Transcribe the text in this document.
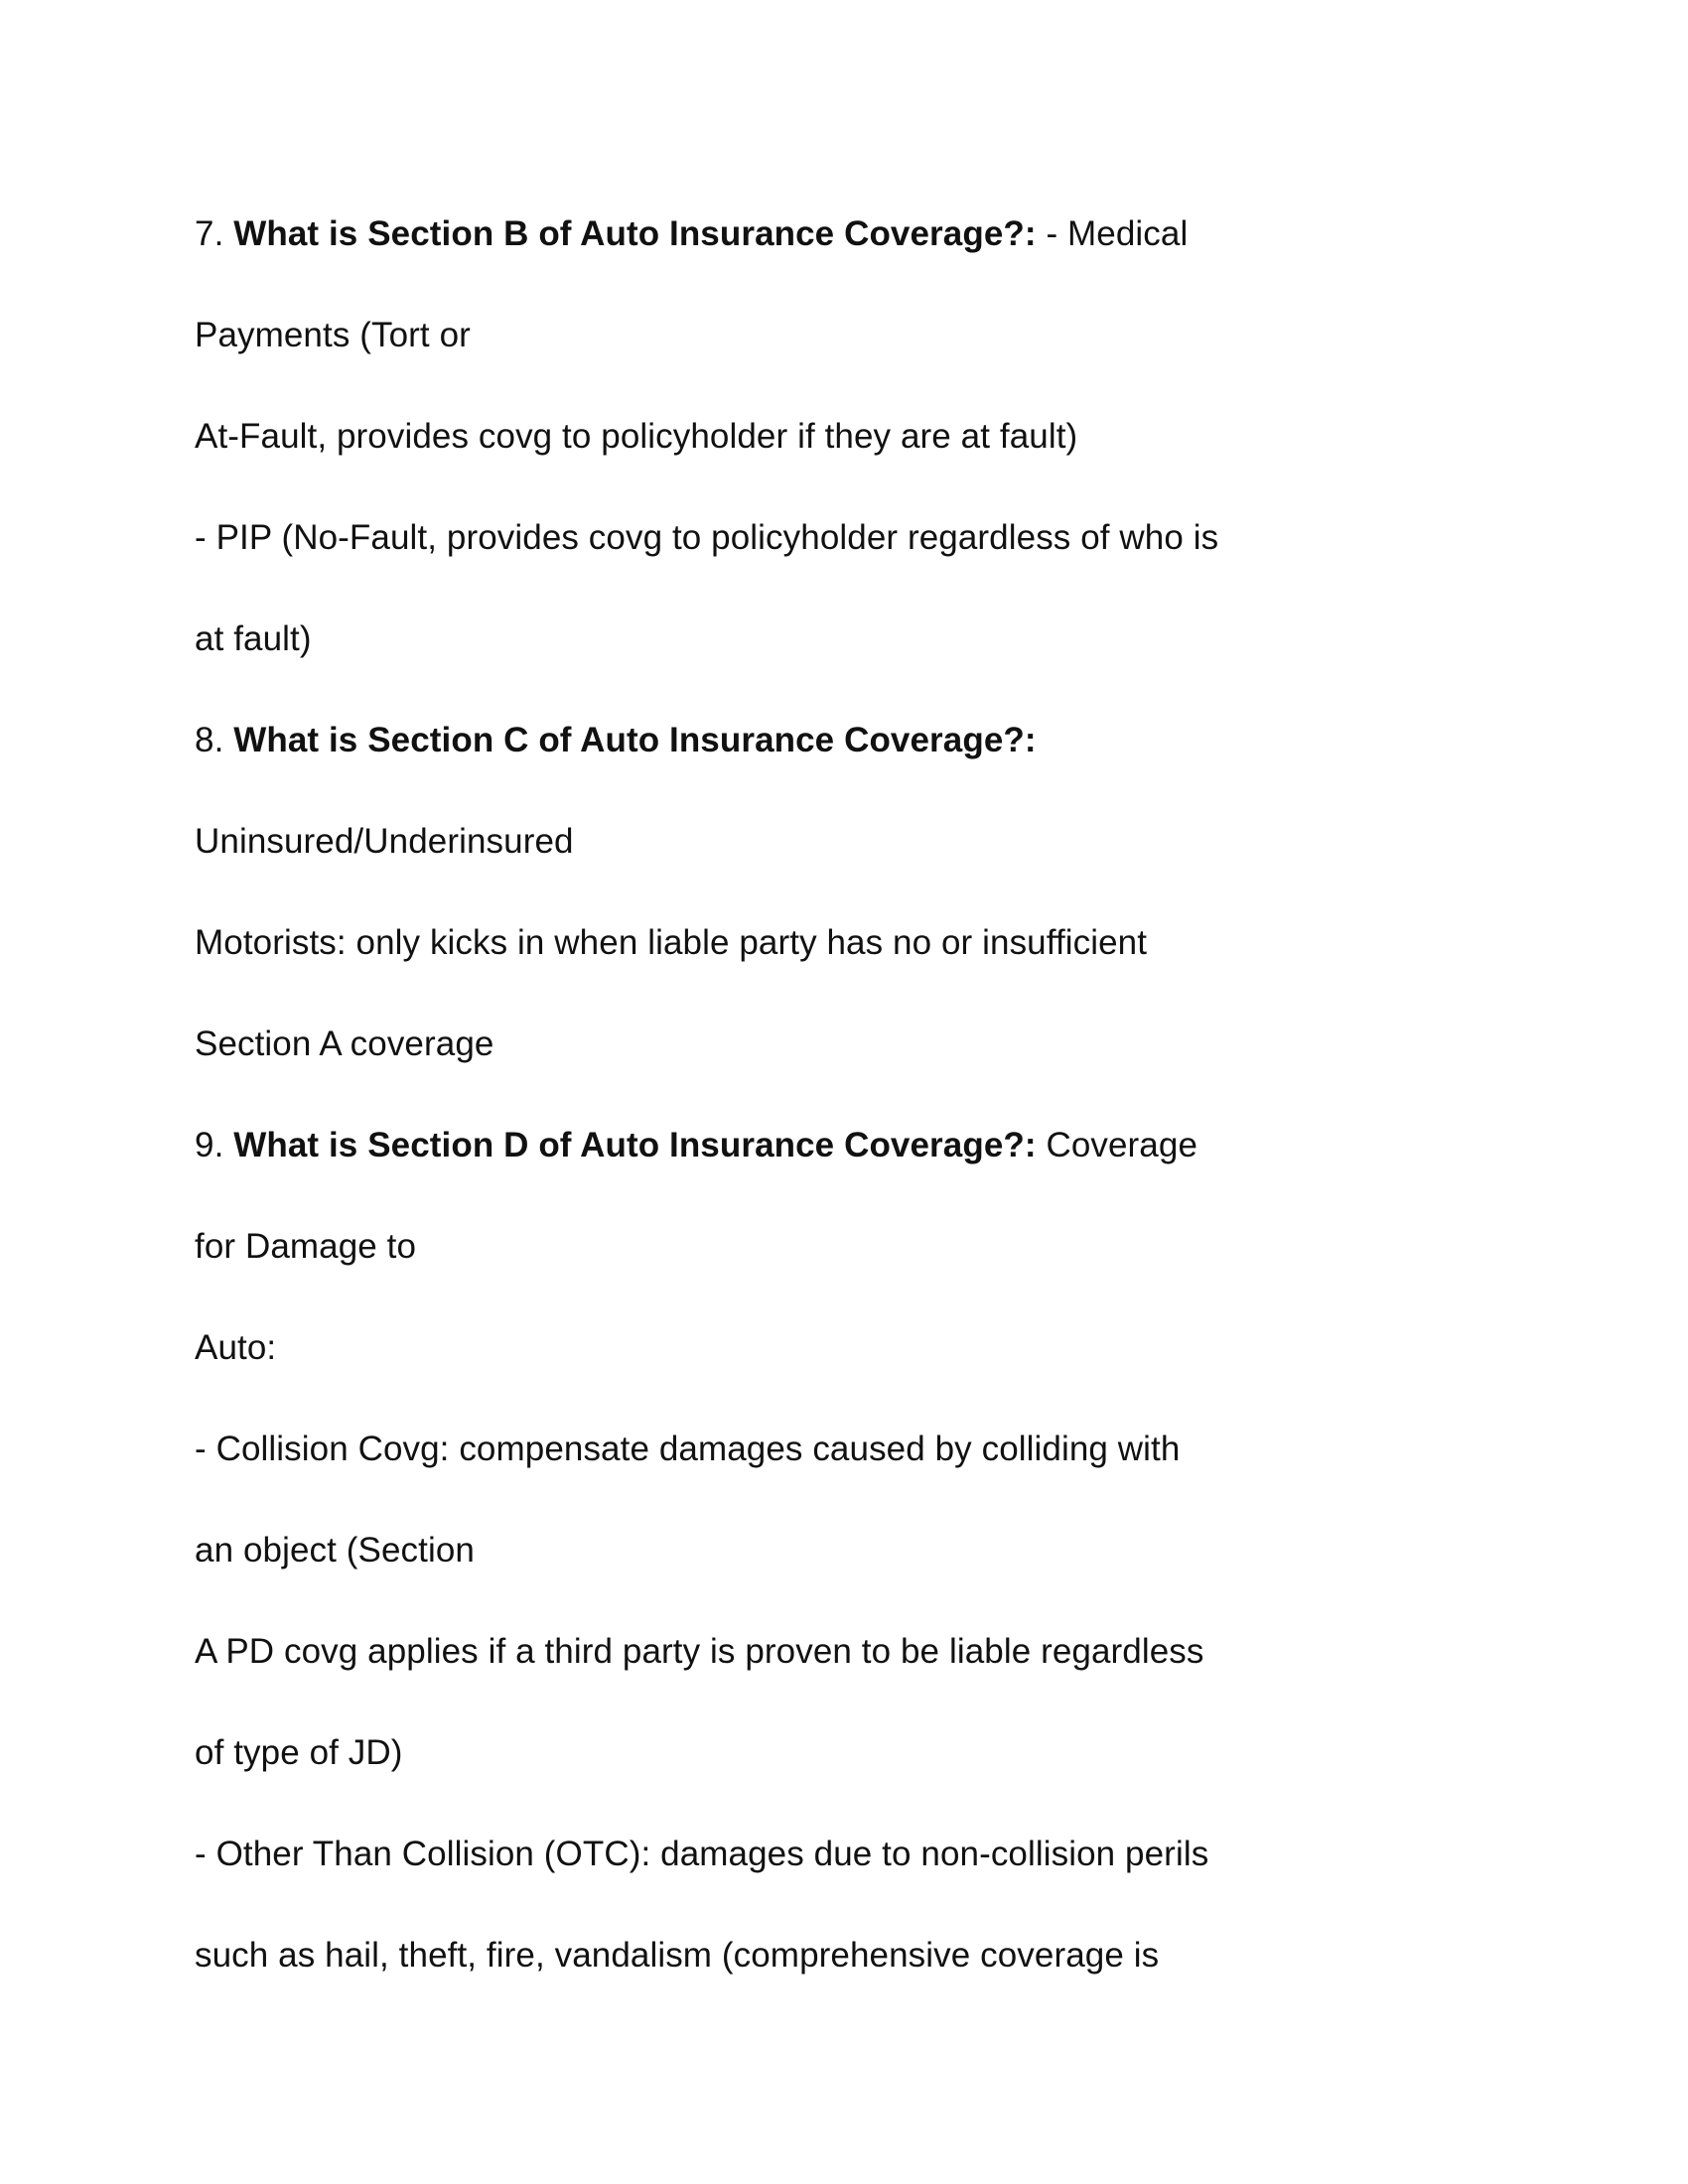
7. What is Section B of Auto Insurance Coverage?: - Medical

Payments (Tort or

At-Fault, provides covg to policyholder if they are at fault)

- PIP (No-Fault, provides covg to policyholder regardless of who is

at fault)

8. What is Section C of Auto Insurance Coverage?:

Uninsured/Underinsured

Motorists: only kicks in when liable party has no or insufficient

Section A coverage

9. What is Section D of Auto Insurance Coverage?: Coverage

for Damage to

Auto:

- Collision Covg: compensate damages caused by colliding with

an object (Section

A PD covg applies if a third party is proven to be liable regardless

of type of JD)

- Other Than Collision (OTC): damages due to non-collision perils

such as hail, theft, fire, vandalism (comprehensive coverage is
